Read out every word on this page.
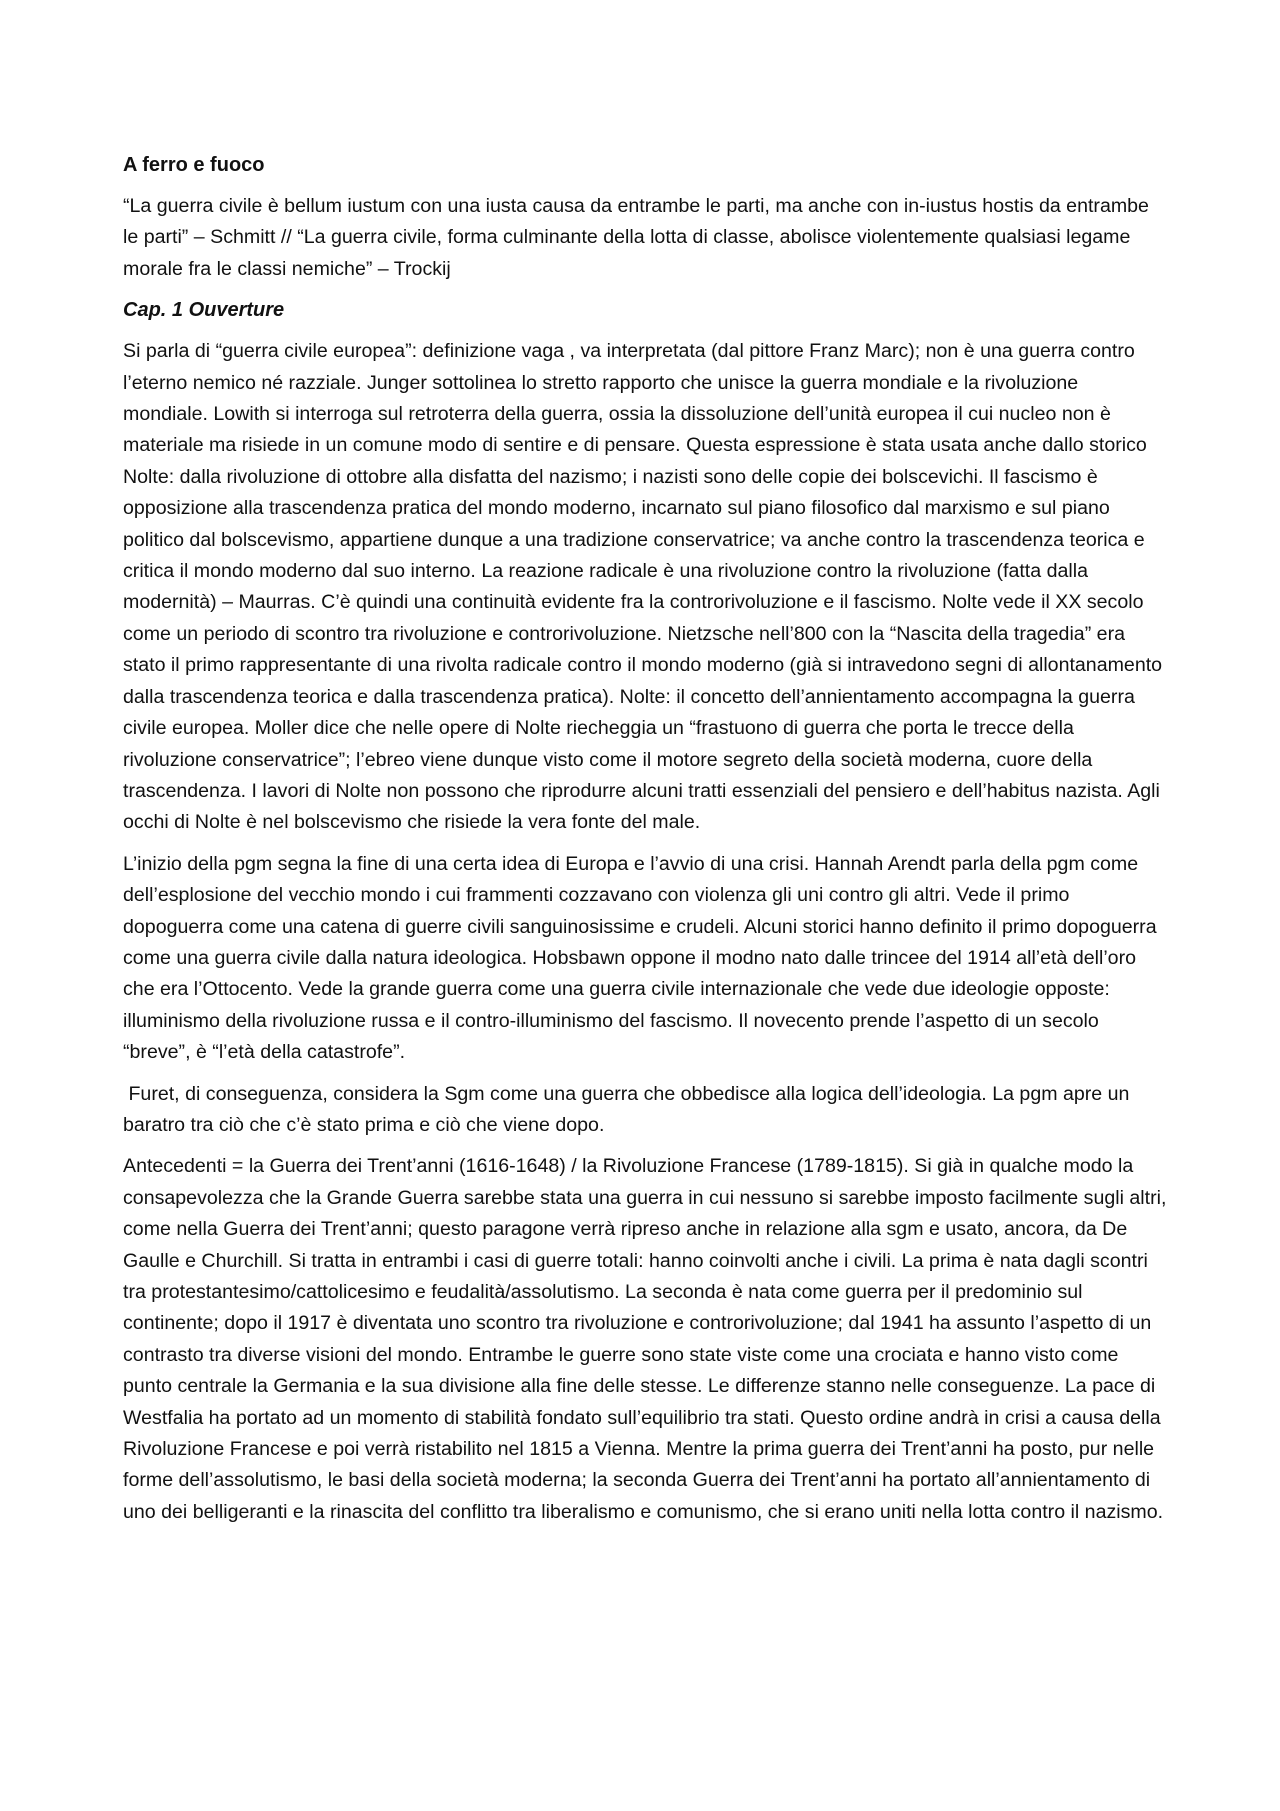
A ferro e fuoco
“La guerra civile è bellum iustum con una iusta causa da entrambe le parti, ma anche con in-iustus hostis da entrambe le parti” – Schmitt // “La guerra civile, forma culminante della lotta di classe, abolisce violentemente qualsiasi legame morale fra le classi nemiche” – Trockij
Cap. 1 Ouverture
Si parla di “guerra civile europea”: definizione vaga , va interpretata (dal pittore Franz Marc); non è una guerra contro l’eterno nemico né razziale. Junger sottolinea lo stretto rapporto che unisce la guerra mondiale e la rivoluzione mondiale. Lowith si interroga sul retroterra della guerra, ossia la dissoluzione dell’unità europea il cui nucleo non è materiale ma risiede in un comune modo di sentire e di pensare. Questa espressione è stata usata anche dallo storico Nolte: dalla rivoluzione di ottobre alla disfatta del nazismo; i nazisti sono delle copie dei bolscevichi. Il fascismo è opposizione alla trascendenza pratica del mondo moderno, incarnato sul piano filosofico dal marxismo e sul piano politico dal bolscevismo, appartiene dunque a una tradizione conservatrice; va anche contro la trascendenza teorica e critica il mondo moderno dal suo interno. La reazione radicale è una rivoluzione contro la rivoluzione (fatta dalla modernità) – Maurras. C’è quindi una continuità evidente fra la controrivoluzione e il fascismo. Nolte vede il XX secolo come un periodo di scontro tra rivoluzione e controrivoluzione. Nietzsche nell’800 con la “Nascita della tragedia” era stato il primo rappresentante di una rivolta radicale contro il mondo moderno (già si intravedono segni di allontanamento dalla trascendenza teorica e dalla trascendenza pratica). Nolte: il concetto dell’annientamento accompagna la guerra civile europea. Moller dice che nelle opere di Nolte riecheggia un “frastuono di guerra che porta le trecce della rivoluzione conservatrice”; l’ebreo viene dunque visto come il motore segreto della società moderna, cuore della trascendenza. I lavori di Nolte non possono che riprodurre alcuni tratti essenziali del pensiero e dell’habitus nazista. Agli occhi di Nolte è nel bolscevismo che risiede la vera fonte del male.
L’inizio della pgm segna la fine di una certa idea di Europa e l’avvio di una crisi. Hannah Arendt parla della pgm come dell’esplosione del vecchio mondo i cui frammenti cozzavano con violenza gli uni contro gli altri. Vede il primo dopoguerra come una catena di guerre civili sanguinosissime e crudeli. Alcuni storici hanno definito il primo dopoguerra come una guerra civile dalla natura ideologica. Hobsbawn oppone il modno nato dalle trincee del 1914 all’età dell’oro che era l’Ottocento. Vede la grande guerra come una guerra civile internazionale che vede due ideologie opposte: illuminismo della rivoluzione russa e il contro-illuminismo del fascismo. Il novecento prende l’aspetto di un secolo “breve”, è “l’età della catastrofe”.
Furet, di conseguenza, considera la Sgm come una guerra che obbedisce alla logica dell’ideologia. La pgm apre un baratro tra ciò che c’è stato prima e ciò che viene dopo.
Antecedenti = la Guerra dei Trent’anni (1616-1648) / la Rivoluzione Francese (1789-1815). Si già in qualche modo la consapevolezza che la Grande Guerra sarebbe stata una guerra in cui nessuno si sarebbe imposto facilmente sugli altri, come nella Guerra dei Trent’anni; questo paragone verrà ripreso anche in relazione alla sgm e usato, ancora, da De Gaulle e Churchill. Si tratta in entrambi i casi di guerre totali: hanno coinvolti anche i civili. La prima è nata dagli scontri tra protestantesimo/cattolicesimo e feudalità/assolutismo. La seconda è nata come guerra per il predominio sul continente; dopo il 1917 è diventata uno scontro tra rivoluzione e controrivoluzione; dal 1941 ha assunto l’aspetto di un contrasto tra diverse visioni del mondo. Entrambe le guerre sono state viste come una crociata e hanno visto come punto centrale la Germania e la sua divisione alla fine delle stesse. Le differenze stanno nelle conseguenze. La pace di Westfalia ha portato ad un momento di stabilità fondato sull’equilibrio tra stati. Questo ordine andrà in crisi a causa della Rivoluzione Francese e poi verrà ristabilito nel 1815 a Vienna. Mentre la prima guerra dei Trent’anni ha posto, pur nelle forme dell’assolutismo, le basi della società moderna; la seconda Guerra dei Trent’anni ha portato all’annientamento di uno dei belligeranti e la rinascita del conflitto tra liberalismo e comunismo, che si erano uniti nella lotta contro il nazismo.
